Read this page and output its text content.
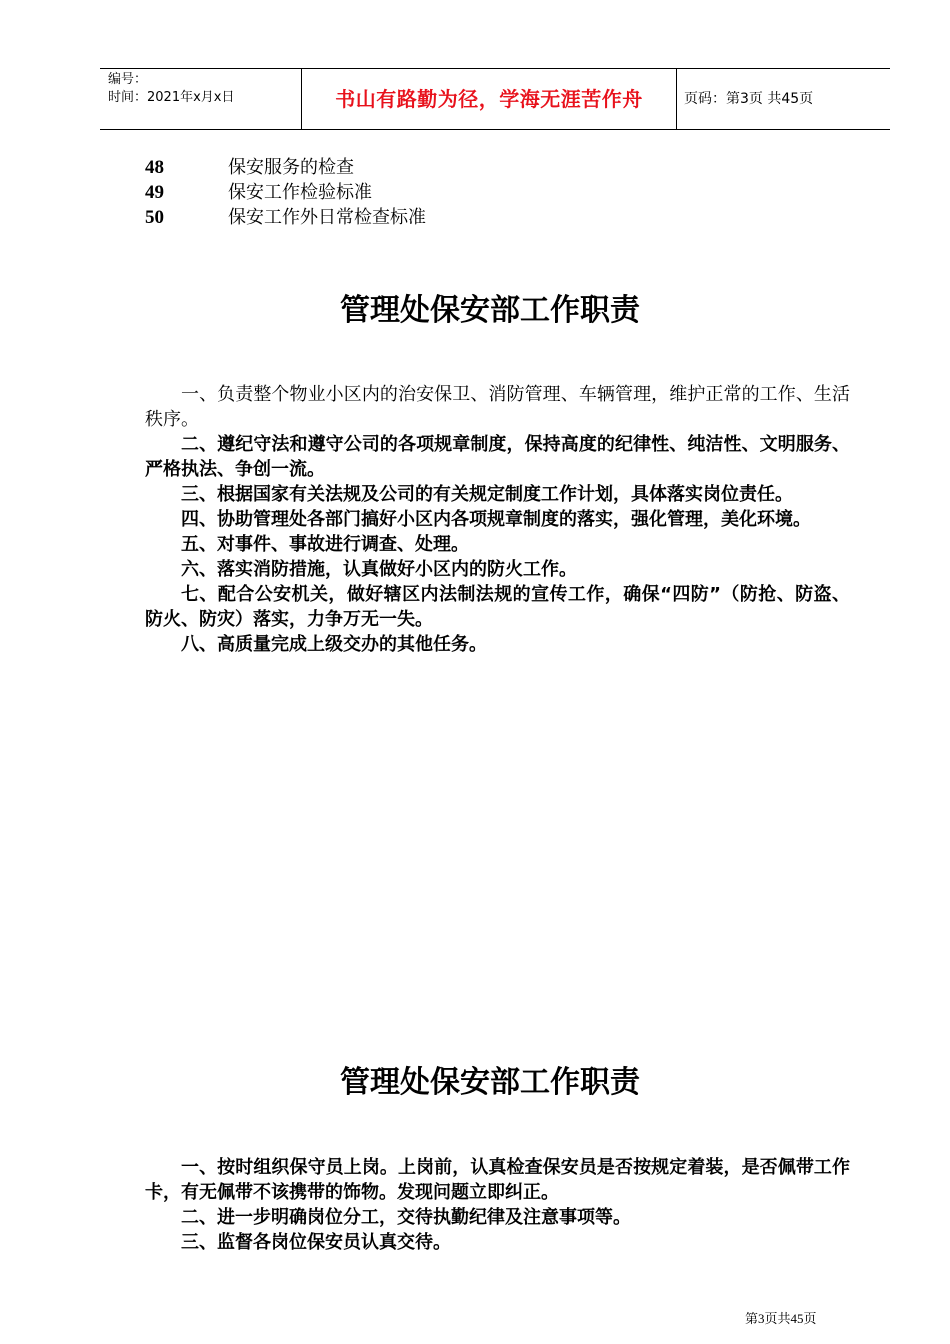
编号：
时间：2021年x月x日	书山有路勤为径，学海无涯苦作舟	页码：第3页 共45页
48	保安服务的检查
49	保安工作检验标准
50	保安工作外日常检查标准
管理处保安部工作职责

一、负责整个物业小区内的治安保卫、消防管理、车辆管理，维护正常的工作、生活秩序。

二、遵纪守法和遵守公司的各项规章制度，保持高度的纪律性、纯洁性、文明服务、严格执法、争创一流。

三、根据国家有关法规及公司的有关规定制度工作计划，具体落实岗位责任。

四、协助管理处各部门搞好小区内各项规章制度的落实，强化管理，美化环境。

五、对事件、事故进行调查、处理。

六、落实消防措施，认真做好小区内的防火工作。

七、配合公安机关，做好辖区内法制法规的宣传工作，确保“四防”（防抢、防盗、防火、防灾）落实，力争万无一失。

八、高质量完成上级交办的其他任务。

管理处保安部工作职责

一、按时组织保守员上岗。上岗前，认真检查保安员是否按规定着装，是否佩带工作卡，有无佩带不该携带的饰物。发现问题立即纠正。

二、进一步明确岗位分工，交待执勤纪律及注意事项等。

三、监督各岗位保安员认真交待。

第3页共45页
